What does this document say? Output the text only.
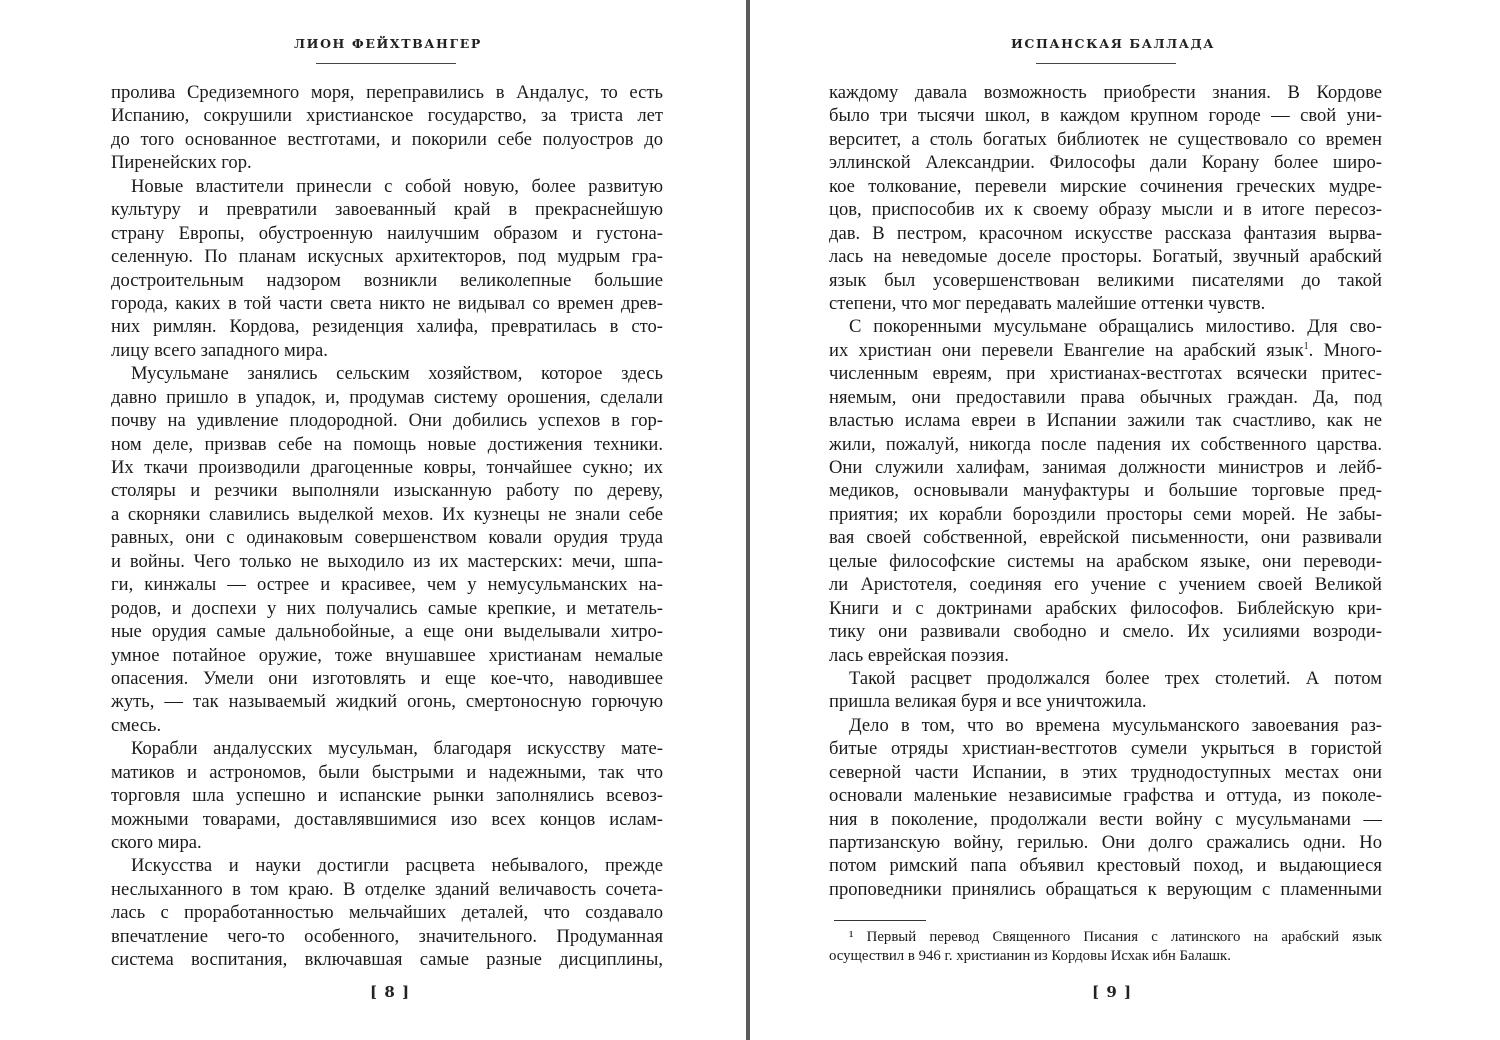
ЛИОН ФЕЙХТВАНГЕР
пролива Средиземного моря, переправились в Андалус, то есть
Испанию, сокрушили христианское государство, за триста лет
до того основанное вестготами, и покорили себе полуостров до
Пиренейских гор.
Новые властители принесли с собой новую, более развитую
культуру и превратили завоеванный край в прекраснейшую
страну Европы, обустроенную наилучшим образом и густона-
селенную. По планам искусных архитекторов, под мудрым гра-
достроительным надзором возникли великолепные большие
города, каких в той части света никто не видывал со времен древ-
них римлян. Кордова, резиденция халифа, превратилась в сто-
лицу всего западного мира.
Мусульмане занялись сельским хозяйством, которое здесь
давно пришло в упадок, и, продумав систему орошения, сделали
почву на удивление плодородной. Они добились успехов в гор-
ном деле, призвав себе на помощь новые достижения техники.
Их ткачи производили драгоценные ковры, тончайшее сукно; их
столяры и резчики выполняли изысканную работу по дереву,
а скорняки славились выделкой мехов. Их кузнецы не знали себе
равных, они с одинаковым совершенством ковали орудия труда
и войны. Чего только не выходило из их мастерских: мечи, шпа-
ги, кинжалы — острее и красивее, чем у немусульманских на-
родов, и доспехи у них получались самые крепкие, и метатель-
ные орудия самые дальнобойные, а еще они выделывали хитро-
умное потайное оружие, тоже внушавшее христианам немалые
опасения. Умели они изготовлять и еще кое-что, наводившее
жуть, — так называемый жидкий огонь, смертоносную горючую
смесь.
Корабли андалусских мусульман, благодаря искусству мате-
матиков и астрономов, были быстрыми и надежными, так что
торговля шла успешно и испанские рынки заполнялись всевоз-
можными товарами, доставлявшимися изо всех концов ислам-
ского мира.
Искусства и науки достигли расцвета небывалого, прежде
неслыханного в том краю. В отделке зданий величавость сочета-
лась с проработанностью мельчайших деталей, что создавало
впечатление чего-то особенного, значительного. Продуманная
система воспитания, включавшая самые разные дисциплины,
[ 8 ]
ИСПАНСКАЯ БАЛЛАДА
каждому давала возможность приобрести знания. В Кордове
было три тысячи школ, в каждом крупном городе — свой уни-
верситет, а столь богатых библиотек не существовало со времен
эллинской Александрии. Философы дали Корану более широ-
кое толкование, перевели мирские сочинения греческих мудре-
цов, приспособив их к своему образу мысли и в итоге пересоз-
дав. В пестром, красочном искусстве рассказа фантазия вырва-
лась на неведомые доселе просторы. Богатый, звучный арабский
язык был усовершенствован великими писателями до такой
степени, что мог передавать малейшие оттенки чувств.
С покоренными мусульмане обращались милостиво. Для сво-
их христиан они перевели Евангелие на арабский язык$^1$. Много-
численным евреям, при христианах-вестготах всячески притес-
няемым, они предоставили права обычных граждан. Да, под
властью ислама евреи в Испании зажили так счастливо, как не
жили, пожалуй, никогда после падения их собственного царства.
Они служили халифам, занимая должности министров и лейб-
медиков, основывали мануфактуры и большие торговые пред-
приятия; их корабли бороздили просторы семи морей. Не забы-
вая своей собственной, еврейской письменности, они развивали
целые философские системы на арабском языке, они переводи-
ли Аристотеля, соединяя его учение с учением своей Великой
Книги и с доктринами арабских философов. Библейскую кри-
тику они развивали свободно и смело. Их усилиями возроди-
лась еврейская поэзия.
Такой расцвет продолжался более трех столетий. А потом
пришла великая буря и все уничтожила.
Дело в том, что во времена мусульманского завоевания раз-
битые отряды христиан-вестготов сумели укрыться в гористой
северной части Испании, в этих труднодоступных местах они
основали маленькие независимые графства и оттуда, из поколе-
ния в поколение, продолжали вести войну с мусульманами —
партизанскую войну, герилью. Они долго сражались одни. Но
потом римский папа объявил крестовый поход, и выдающиеся
проповедники принялись обращаться к верующим с пламенными
¹ Первый перевод Священного Писания с латинского на арабский язык
осуществил в 946 г. христианин из Кордовы Исхак ибн Балашк.
[ 9 ]
